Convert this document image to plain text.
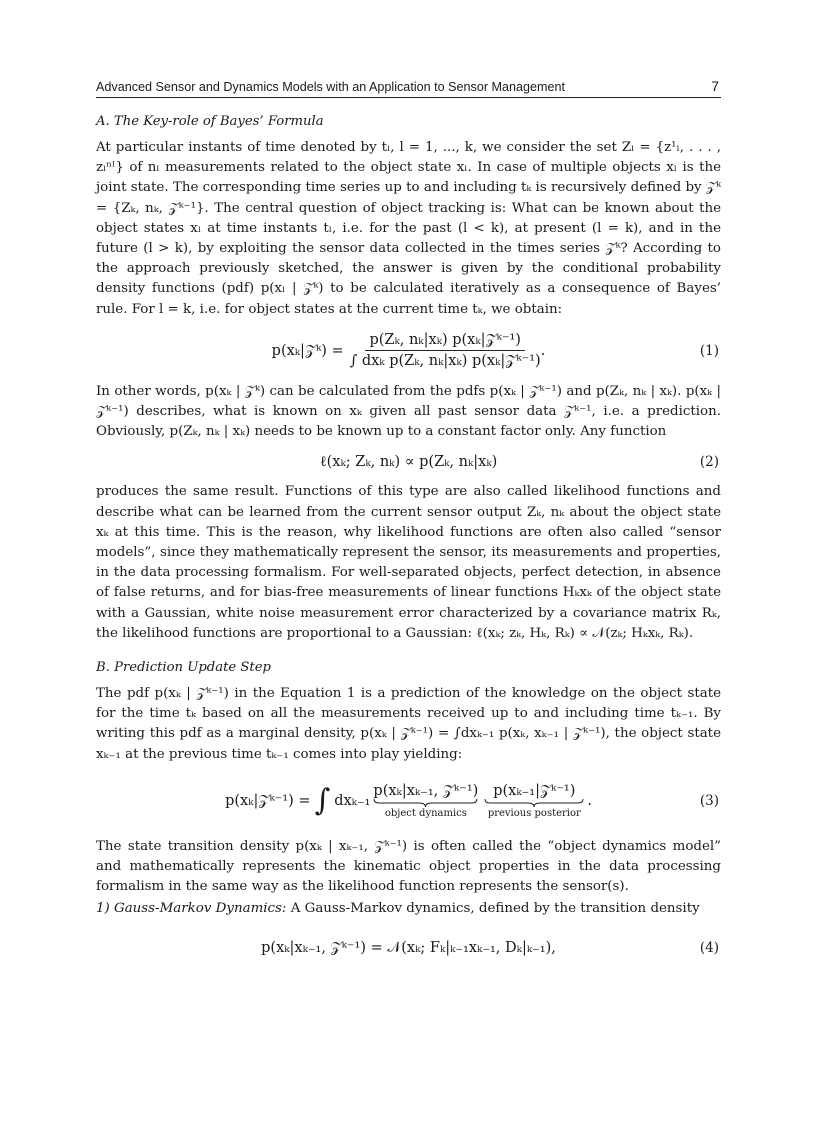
Advanced Sensor and Dynamics Models with an Application to Sensor Management	7
A. The Key-role of Bayes’ Formula

At particular instants of time denoted by tₗ, l = 1, ..., k, we consider the set Zₗ = {z¹ₗ, . . . , zₗⁿˡ} of nₗ measurements related to the object state xₗ. In case of multiple objects xₗ is the joint state. The corresponding time series up to and including tₖ is recursively defined by 𝒵ᵏ = {Zₖ, nₖ, 𝒵ᵏ⁻¹}. The central question of object tracking is: What can be known about the object states xₗ at time instants tₗ, i.e. for the past (l < k), at present (l = k), and in the future (l > k), by exploiting the sensor data collected in the times series 𝒵ᵏ? According to the approach previously sketched, the answer is given by the conditional probability density functions (pdf) p(xₗ | 𝒵ᵏ) to be calculated iteratively as a consequence of Bayes’ rule. For l = k, i.e. for object states at the current time tₖ, we obtain:

p(xₖ|𝒵ᵏ) = $\frac{\text{p(Zₖ, nₖ|xₖ) p(xₖ|𝒵ᵏ⁻¹)}}{\text{∫ dxₖ p(Zₖ, nₖ|xₖ) p(xₖ|𝒵ᵏ⁻¹)}}$ .	(1)

In other words, p(xₖ | 𝒵ᵏ) can be calculated from the pdfs p(xₖ | 𝒵ᵏ⁻¹) and p(Zₖ, nₖ | xₖ). p(xₖ | 𝒵ᵏ⁻¹) describes, what is known on xₖ given all past sensor data 𝒵ᵏ⁻¹, i.e. a prediction. Obviously, p(Zₖ, nₖ | xₖ) needs to be known up to a constant factor only. Any function

ℓ(xₖ; Zₖ, nₖ) ∝ p(Zₖ, nₖ|xₖ)	(2)

produces the same result. Functions of this type are also called likelihood functions and describe what can be learned from the current sensor output Zₖ, nₖ about the object state xₖ at this time. This is the reason, why likelihood functions are often also called “sensor models”, since they mathematically represent the sensor, its measurements and properties, in the data processing formalism. For well-separated objects, perfect detection, in absence of false returns, and for bias-free measurements of linear functions Hₖxₖ of the object state with a Gaussian, white noise measurement error characterized by a covariance matrix Rₖ, the likelihood functions are proportional to a Gaussian: ℓ(xₖ; zₖ, Hₖ, Rₖ) ∝ 𝒩(zₖ; Hₖxₖ, Rₖ).

B. Prediction Update Step

The pdf p(xₖ | 𝒵ᵏ⁻¹) in the Equation 1 is a prediction of the knowledge on the object state for the time tₖ based on all the measurements received up to and including time tₖ₋₁. By writing this pdf as a marginal density, p(xₖ | 𝒵ᵏ⁻¹) = ∫dxₖ₋₁ p(xₖ, xₖ₋₁ | 𝒵ᵏ⁻¹), the object state xₖ₋₁ at the previous time tₖ₋₁ comes into play yielding:

p(xₖ|𝒵ᵏ⁻¹) = ∫ dxₖ₋₁
p(xₖ|xₖ₋₁, 𝒵ᵏ⁻¹)
object dynamics
p(xₖ₋₁|𝒵ᵏ⁻¹)
previous posterior
.	(3)

The state transition density p(xₖ | xₖ₋₁, 𝒵ᵏ⁻¹) is often called the “object dynamics model” and mathematically represents the kinematic object properties in the data processing formalism in the same way as the likelihood function represents the sensor(s).

1) Gauss-Markov Dynamics: A Gauss-Markov dynamics, defined by the transition density

p(xₖ|xₖ₋₁, 𝒵ᵏ⁻¹) = 𝒩(xₖ; Fₖ|ₖ₋₁xₖ₋₁, Dₖ|ₖ₋₁),	(4)
